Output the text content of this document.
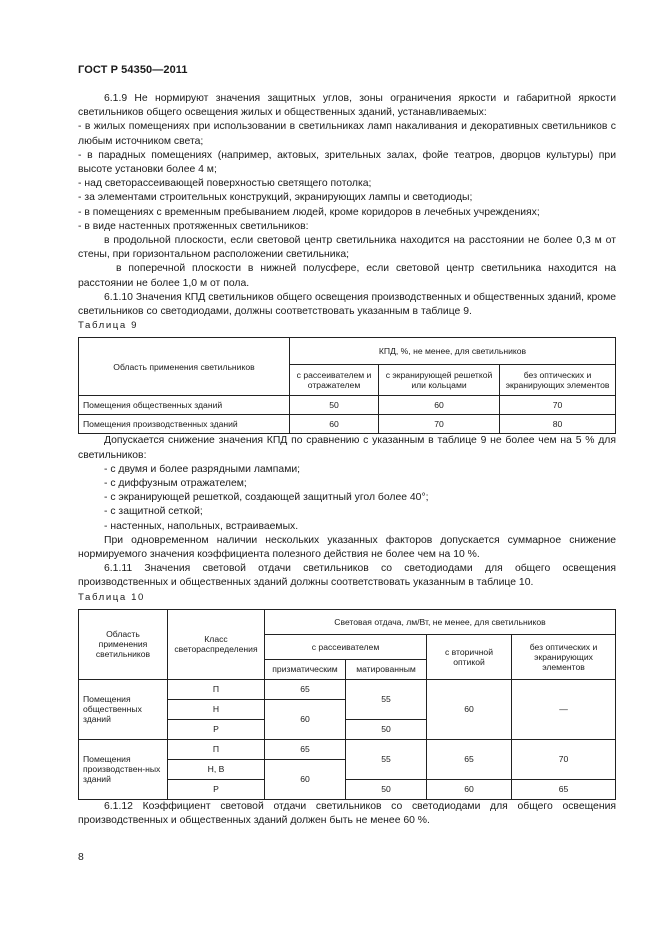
ГОСТ Р 54350—2011

6.1.9 Не нормируют значения защитных углов, зоны ограничения яркости и габаритной яркости светильников общего освещения жилых и общественных зданий, устанавливаемых:

- в жилых помещениях при использовании в светильниках ламп накаливания и декоративных светильников с любым источником света;

- в парадных помещениях (например, актовых, зрительных залах, фойе театров, дворцов культуры) при высоте установки более 4 м;

- над светорассеивающей поверхностью светящего потолка;

- за элементами строительных конструкций, экранирующих лампы и светодиоды;

- в помещениях с временным пребыванием людей, кроме коридоров в лечебных учреждениях;

- в виде настенных протяженных светильников:

в продольной плоскости, если световой центр светильника находится на расстоянии не более 0,3 м от стены, при горизонтальном расположении светильника;

в поперечной плоскости в нижней полусфере, если световой центр светильника находится на расстоянии не более 1,0 м от пола.

6.1.10 Значения КПД светильников общего освещения производственных и общественных зданий, кроме светильников со светодиодами, должны соответствовать указанным в таблице 9.

Таблица 9

Область применения светильников	КПД, %, не менее, для светильников		
	с рассеивателем и отражателем	с экранирующей решеткой или кольцами	без оптических и экранирующих элементов
Помещения общественных зданий	50	60	70
Помещения производственных зданий	60	70	80

Допускается снижение значения КПД по сравнению с указанным в таблице 9 не более чем на 5 % для светильников:

- с двумя и более разрядными лампами;

- с диффузным отражателем;

- с экранирующей решеткой, создающей защитный угол более 40°;

- с защитной сеткой;

- настенных, напольных, встраиваемых.

При одновременном наличии нескольких указанных факторов допускается суммарное снижение нормируемого значения коэффициента полезного действия не более чем на 10 %.

6.1.11 Значения световой отдачи светильников со светодиодами для общего освещения производственных и общественных зданий должны соответствовать указанным в таблице 10.

Таблица 10

Область применения светильников	Класс светораспределения	Световая отдача, лм/Вт, не менее, для светильников			
		с рассеивателем		с вторичной оптикой	без оптических и экранирующих элементов
		призматическим	матированным		
Помещения общественных зданий	П	65	55	60	—
	Н	60			
	Р		50		
Помещения производствен-ных зданий	П	65	55	65	70
	Н, В	60			
	Р		50	60	65

6.1.12 Коэффициент световой отдачи светильников со светодиодами для общего освещения производственных и общественных зданий должен быть не менее 60 %.

8
